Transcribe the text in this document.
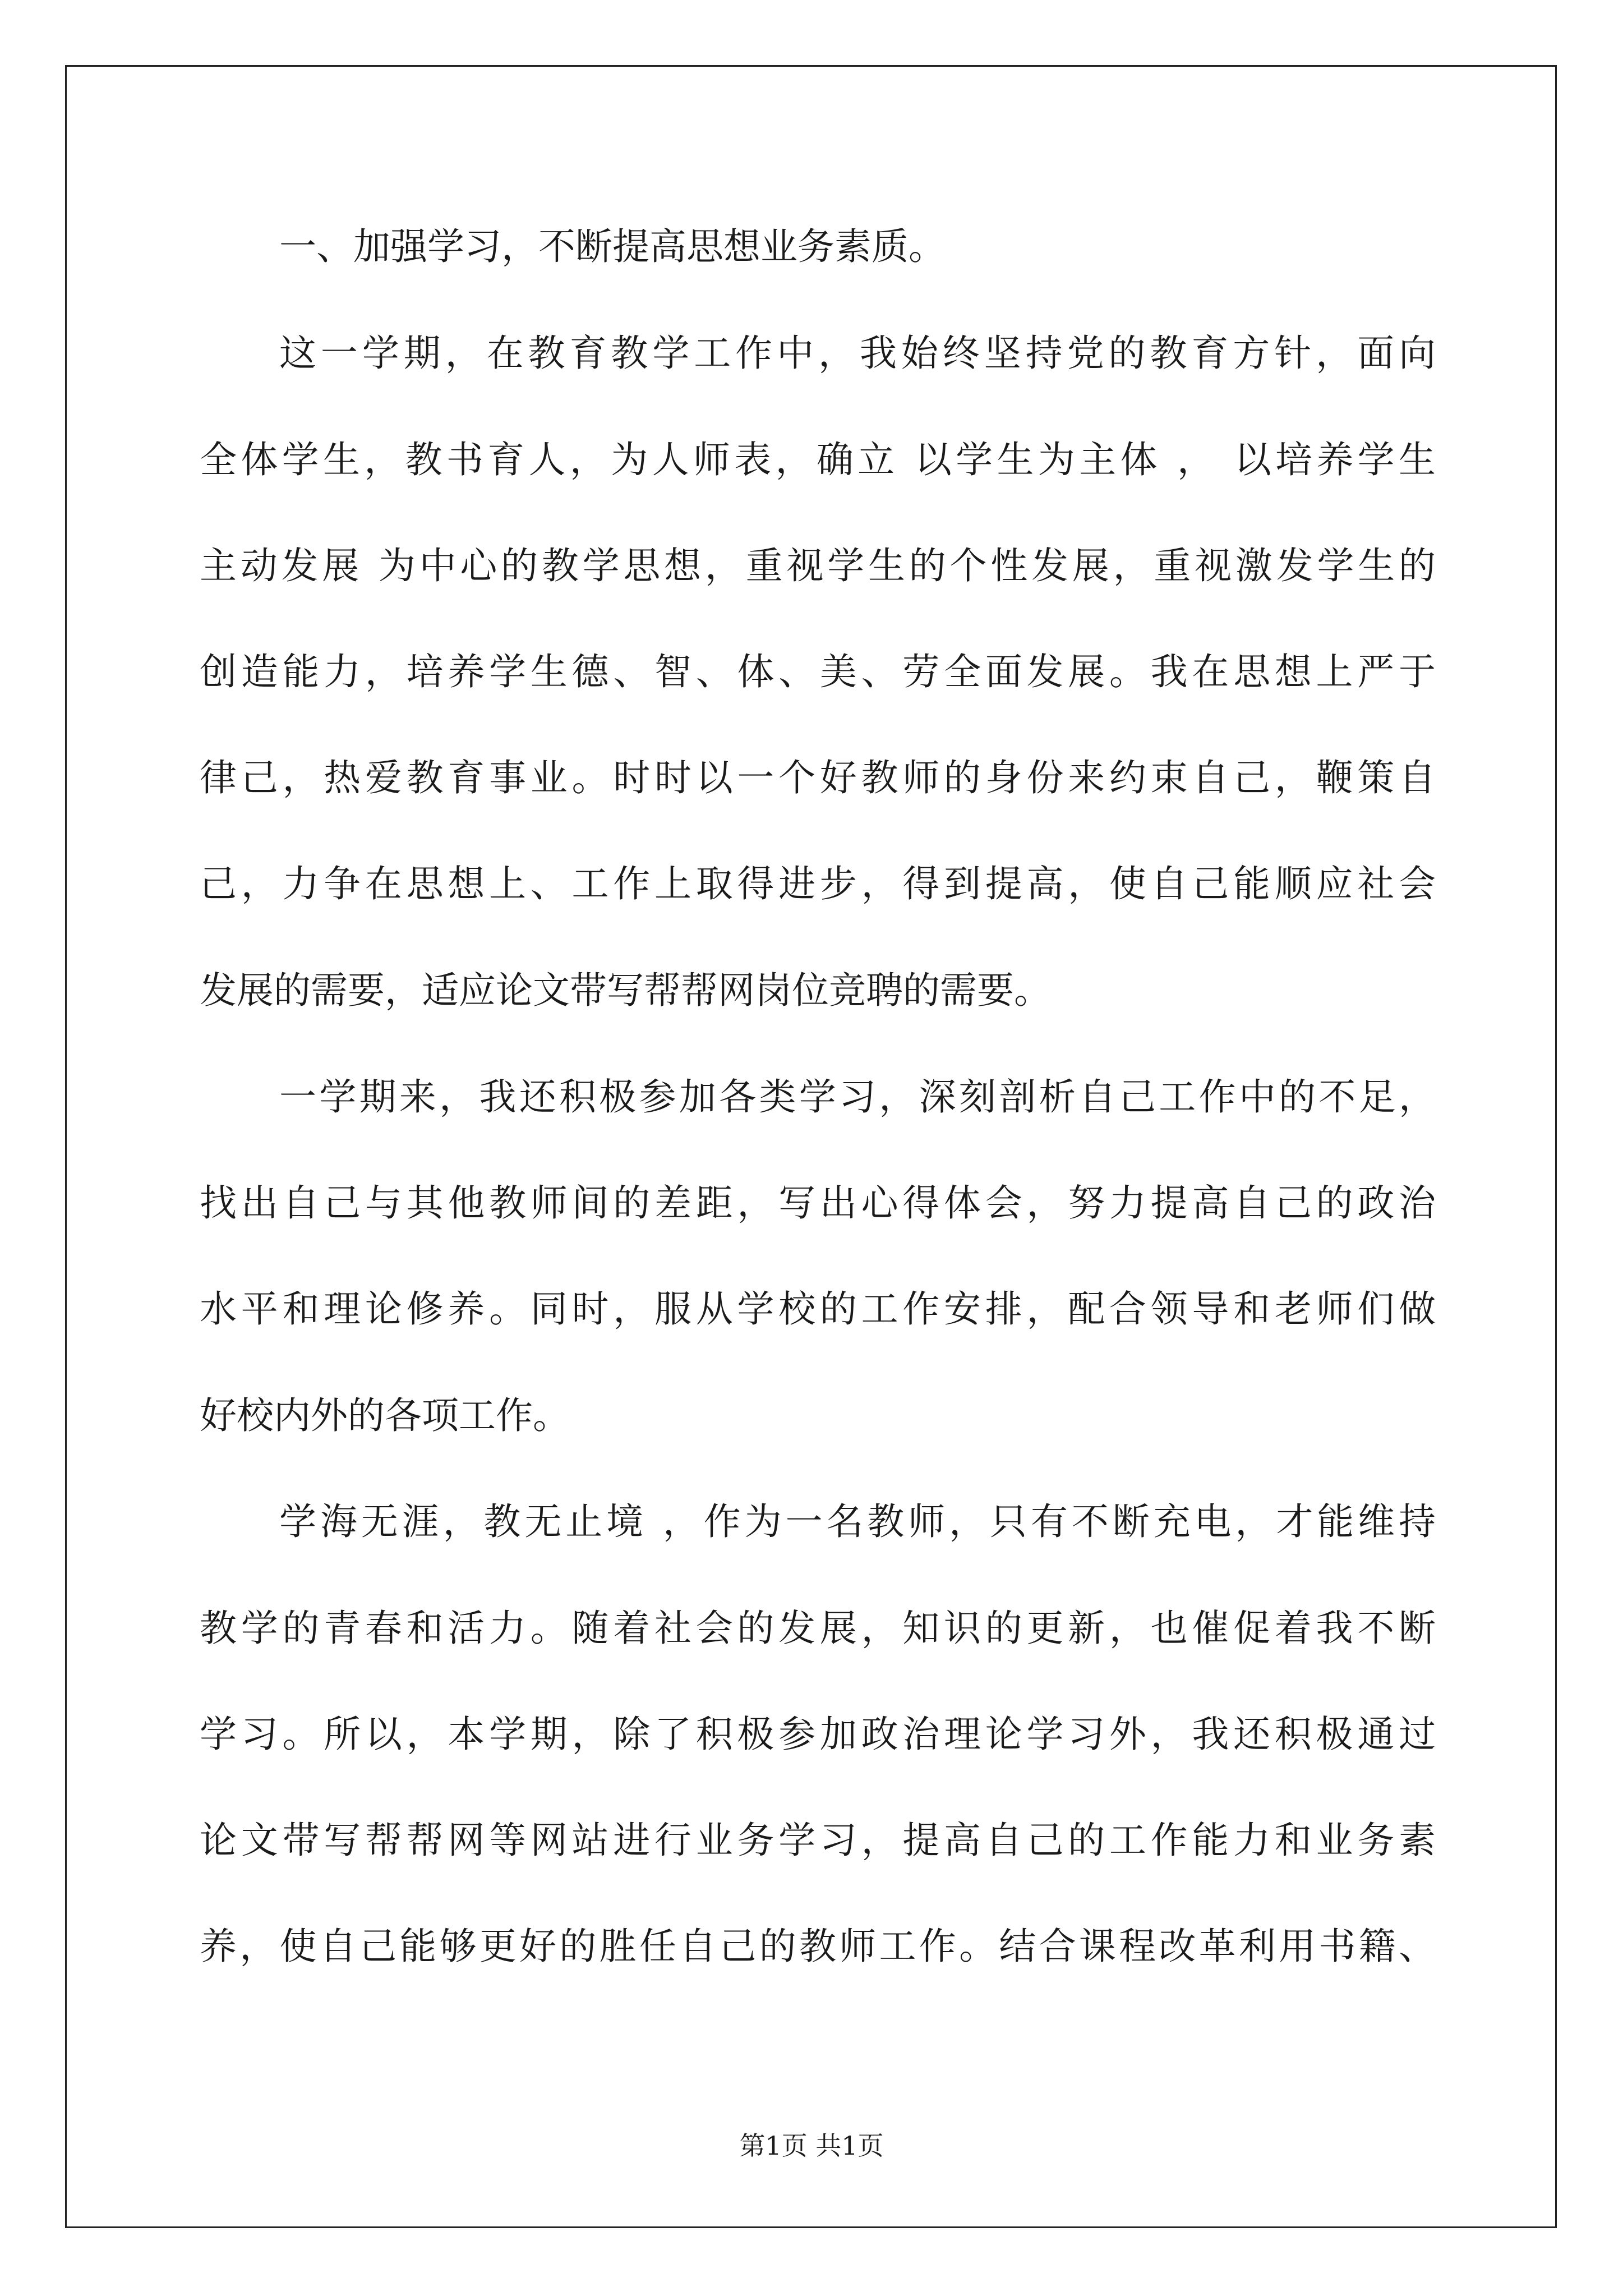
一、加强学习，不断提高思想业务素质。
这一学期，在教育教学工作中，我始终坚持党的教育方针，面向
全体学生，教书育人，为人师表，确立 以学生为主体 ， 以培养学生
主动发展 为中心的教学思想，重视学生的个性发展，重视激发学生的
创造能力，培养学生德、智、体、美、劳全面发展。我在思想上严于
律己，热爱教育事业。时时以一个好教师的身份来约束自己，鞭策自
己，力争在思想上、工作上取得进步，得到提高，使自己能顺应社会
发展的需要，适应论文带写帮帮网岗位竞聘的需要。
一学期来，我还积极参加各类学习，深刻剖析自己工作中的不足，
找出自己与其他教师间的差距，写出心得体会，努力提高自己的政治
水平和理论修养。同时，服从学校的工作安排，配合领导和老师们做
好校内外的各项工作。
学海无涯，教无止境 ，作为一名教师，只有不断充电，才能维持
教学的青春和活力。随着社会的发展，知识的更新，也催促着我不断
学习。所以，本学期，除了积极参加政治理论学习外，我还积极通过
论文带写帮帮网等网站进行业务学习，提高自己的工作能力和业务素
养，使自己能够更好的胜任自己的教师工作。结合课程改革利用书籍、
第1页 共1页
